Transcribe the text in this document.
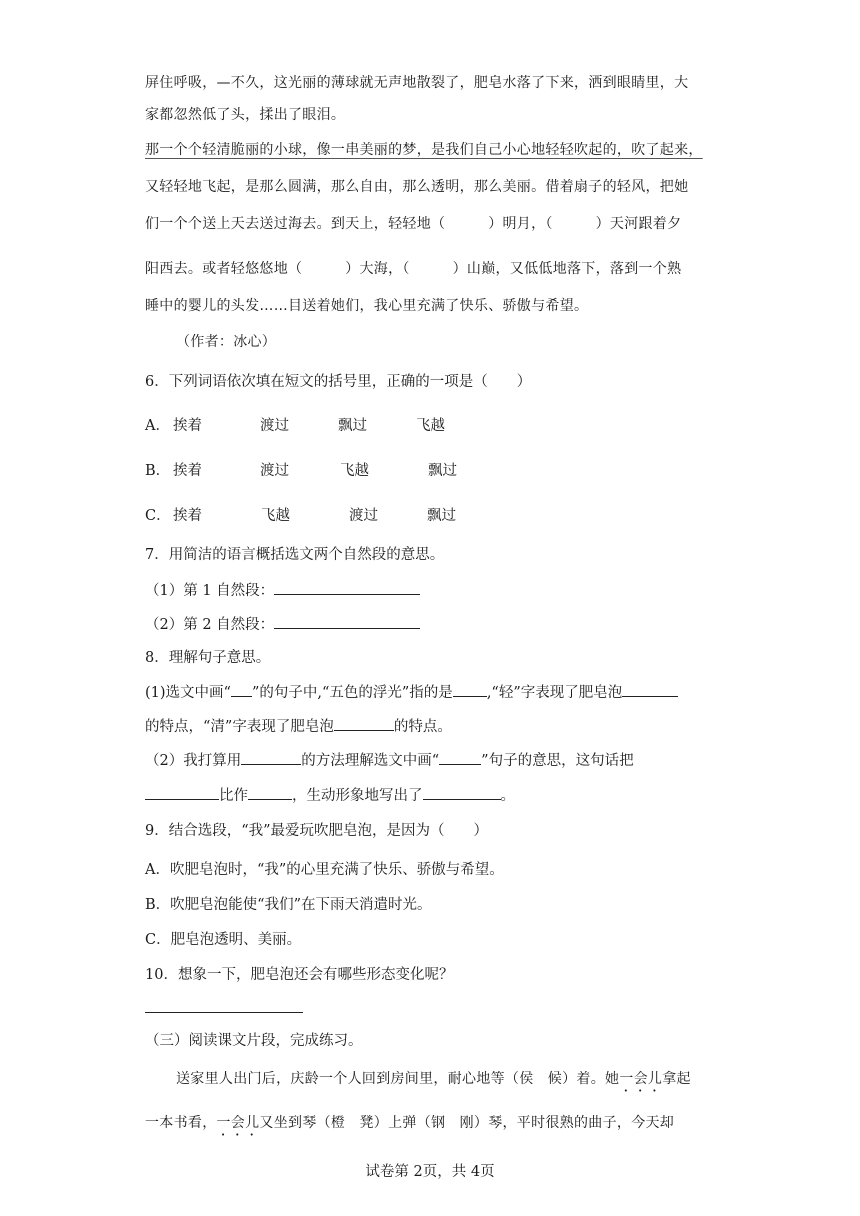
屏住呼吸，—不久，这光丽的薄球就无声地散裂了，肥皂水落了下来，洒到眼睛里，大
家都忽然低了头，揉出了眼泪。
那一个个轻清脆丽的小球，像一串美丽的梦，是我们自己小心地轻轻吹起的，吹了起来，
又轻轻地飞起，是那么圆满，那么自由，那么透明，那么美丽。借着扇子的轻风，把她
们一个个送上天去送过海去。到天上，轻轻地（　　　）明月，（　　　）天河跟着夕
阳西去。或者轻悠悠地（　　　）大海，（　　　）山巅，又低低地落下，落到一个熟
睡中的婴儿的头发……目送着她们，我心里充满了快乐、骄傲与希望。
（作者：冰心）
6．下列词语依次填在短文的括号里，正确的一项是（　　）
A． 挨着	渡过	飘过	飞越
B． 挨着	渡过	飞越	飘过
C． 挨着	飞越	渡过	飘过
7．用简洁的语言概括选文两个自然段的意思。
（1）第 1 自然段：
（2）第 2 自然段：
8．理解句子意思。
(1)选文中画“ ”的句子中,“五色的浮光”指的是 ,“轻”字表现了肥皂泡
的特点，“清”字表现了肥皂泡	的特点。
（2）我打算用	的方法理解选文中画“	”句子的意思，这句话把
比作	，生动形象地写出了	。
9．结合选段，“我”最爱玩吹肥皂泡，是因为（　　）
A．吹肥皂泡时，“我”的心里充满了快乐、骄傲与希望。
B．吹肥皂泡能使“我们”在下雨天消遣时光。
C．肥皂泡透明、美丽。
10．想象一下，肥皂泡还会有哪些形态变化呢？
（三）阅读课文片段，完成练习。
送家里人出门后，庆龄一个人回到房间里，耐心地等（侯　候）着。她一会儿拿起
一本书看，一会儿又坐到琴（橙　凳）上弹（钢　刚）琴，平时很熟的曲子，今天却
试卷第 2页，共 4页
